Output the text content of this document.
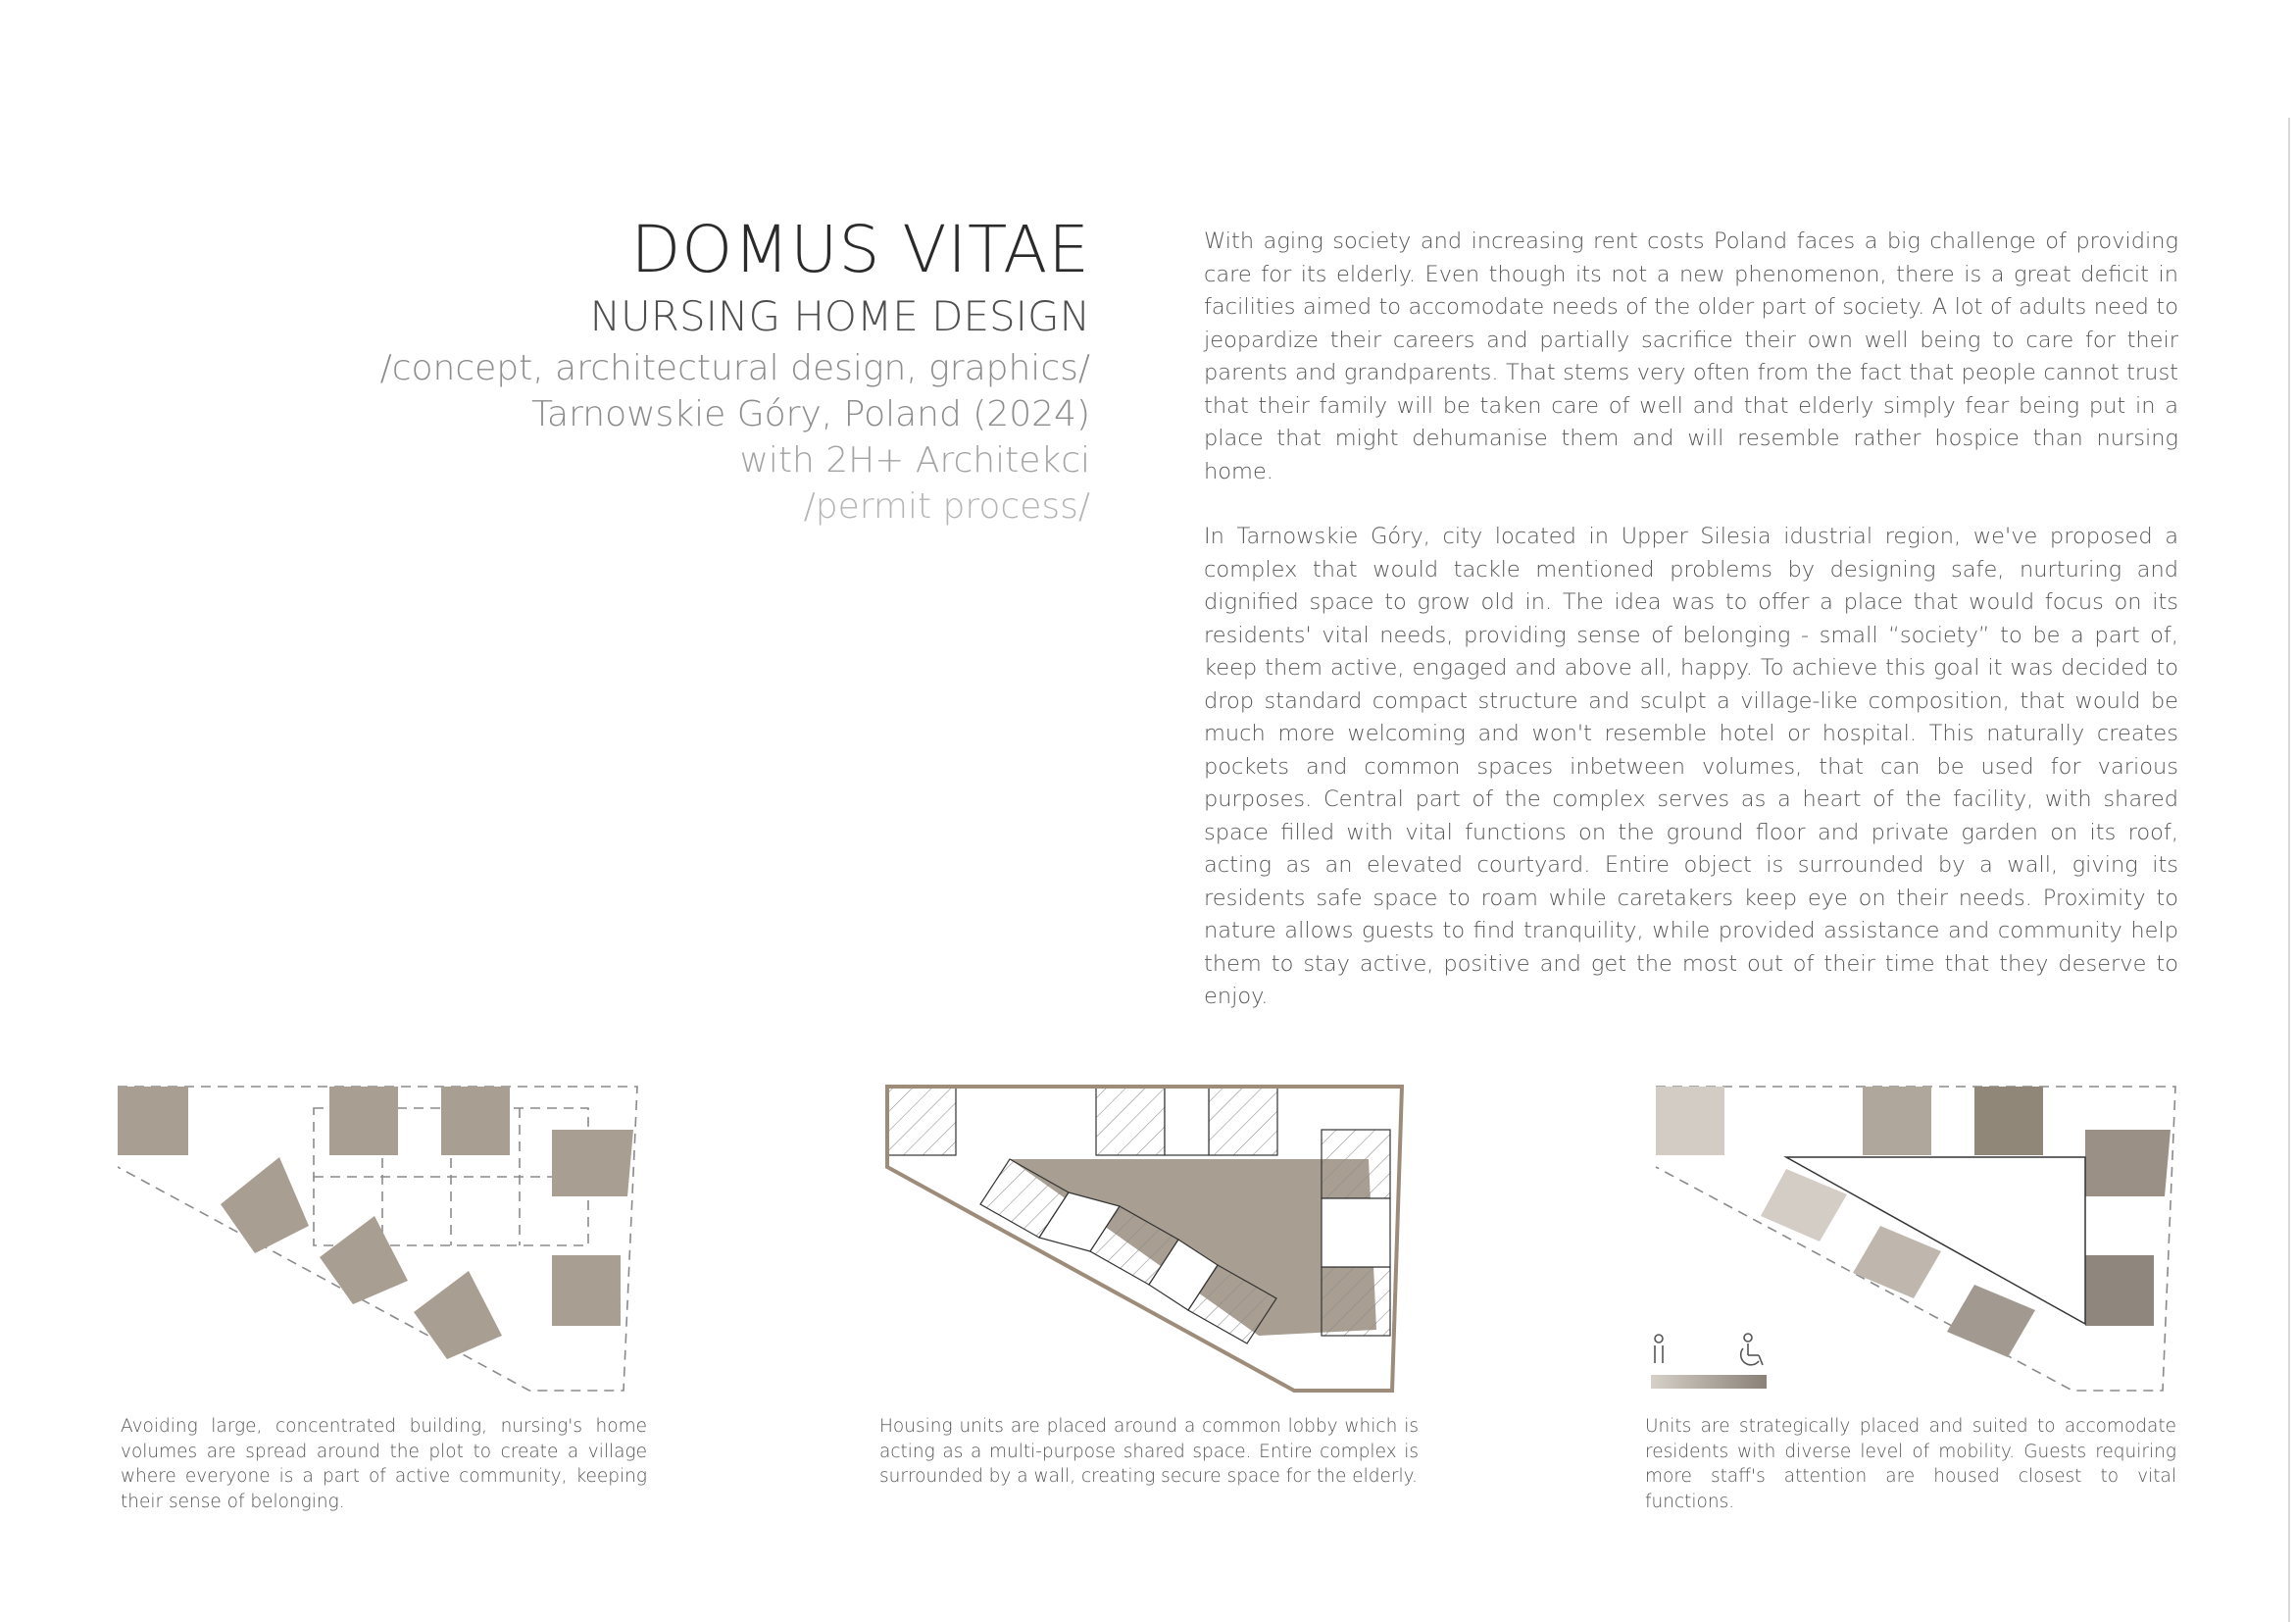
DOMUS VITAE
NURSING HOME DESIGN
/concept, architectural design, graphics/
Tarnowskie Góry, Poland (2024)
with 2H+ Architekci
/permit process/

With aging society and increasing rent costs Poland faces a big challenge of providing care for its elderly. Even though its not a new phenomenon, there is a great deficit in facilities aimed to accomodate needs of the older part of society. A lot of adults need to jeopardize their careers and partially sacrifice their own well being to care for their parents and grandparents. That stems very often from the fact that people cannot trust that their family will be taken care of well and that elderly simply fear being put in a place that might dehumanise them and will resemble rather hospice than nursing home.

In Tarnowskie Góry, city located in Upper Silesia idustrial region, we've proposed a complex that would tackle mentioned problems by designing safe, nurturing and dignified space to grow old in. The idea was to offer a place that would focus on its residents' vital needs, providing sense of belonging - small “society” to be a part of, keep them active, engaged and above all, happy. To achieve this goal it was decided to drop standard compact structure and sculpt a village-like composition, that would be much more welcoming and won't resemble hotel or hospital. This naturally creates pockets and common spaces inbetween volumes, that can be used for various purposes. Central part of the complex serves as a heart of the facility, with shared space filled with vital functions on the ground floor and private garden on its roof, acting as an elevated courtyard. Entire object is surrounded by a wall, giving its residents safe space to roam while caretakers keep eye on their needs. Proximity to nature allows guests to find tranquility, while provided assistance and community help them to stay active, positive and get the most out of their time that they deserve to enjoy.

Avoiding large, concentrated building, nursing's home volumes are spread around the plot to create a village where everyone is a part of active community, keeping their sense of belonging.
Housing units are placed around a common lobby which is acting as a multi-purpose shared space. Entire complex is surrounded by a wall, creating secure space for the elderly.
Units are strategically placed and suited to accomodate residents with diverse level of mobility. Guests requiring more staff's attention are housed closest to vital functions.
